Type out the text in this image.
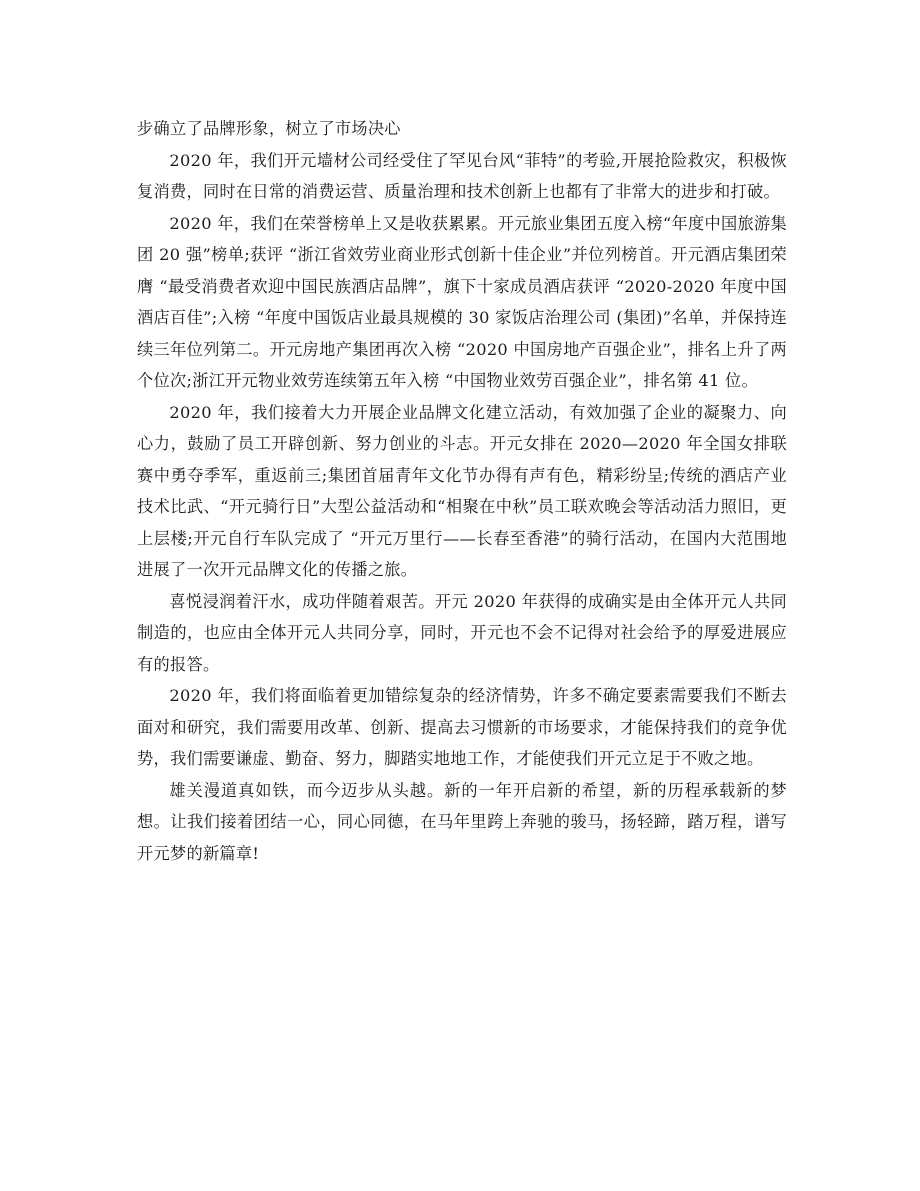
步确立了品牌形象，树立了市场决心

2020 年，我们开元墙材公司经受住了罕见台风“菲特”的考验,开展抢险救灾，积极恢复消费，同时在日常的消费运营、质量治理和技术创新上也都有了非常大的进步和打破。

2020 年，我们在荣誉榜单上又是收获累累。开元旅业集团五度入榜“年度中国旅游集团 20 强”榜单;获评 “浙江省效劳业商业形式创新十佳企业”并位列榜首。开元酒店集团荣膺 “最受消费者欢迎中国民族酒店品牌”，旗下十家成员酒店获评 “2020-2020 年度中国酒店百佳”;入榜 “年度中国饭店业最具规模的 30 家饭店治理公司 (集团)”名单，并保持连续三年位列第二。开元房地产集团再次入榜 “2020 中国房地产百强企业”，排名上升了两个位次;浙江开元物业效劳连续第五年入榜 “中国物业效劳百强企业”，排名第 41 位。

2020 年，我们接着大力开展企业品牌文化建立活动，有效加强了企业的凝聚力、向心力，鼓励了员工开辟创新、努力创业的斗志。开元女排在 2020—2020 年全国女排联赛中勇夺季军，重返前三;集团首届青年文化节办得有声有色，精彩纷呈;传统的酒店产业技术比武、“开元骑行日”大型公益活动和“相聚在中秋”员工联欢晚会等活动活力照旧，更上层楼;开元自行车队完成了 “开元万里行——长春至香港”的骑行活动，在国内大范围地进展了一次开元品牌文化的传播之旅。

喜悦浸润着汗水，成功伴随着艰苦。开元 2020 年获得的成确实是由全体开元人共同制造的，也应由全体开元人共同分享，同时，开元也不会不记得对社会给予的厚爱进展应有的报答。

2020 年，我们将面临着更加错综复杂的经济情势，许多不确定要素需要我们不断去面对和研究，我们需要用改革、创新、提高去习惯新的市场要求，才能保持我们的竞争优势，我们需要谦虚、勤奋、努力，脚踏实地地工作，才能使我们开元立足于不败之地。

雄关漫道真如铁，而今迈步从头越。新的一年开启新的希望，新的历程承载新的梦想。让我们接着团结一心，同心同德，在马年里跨上奔驰的骏马，扬轻蹄，踏万程，谱写开元梦的新篇章!
